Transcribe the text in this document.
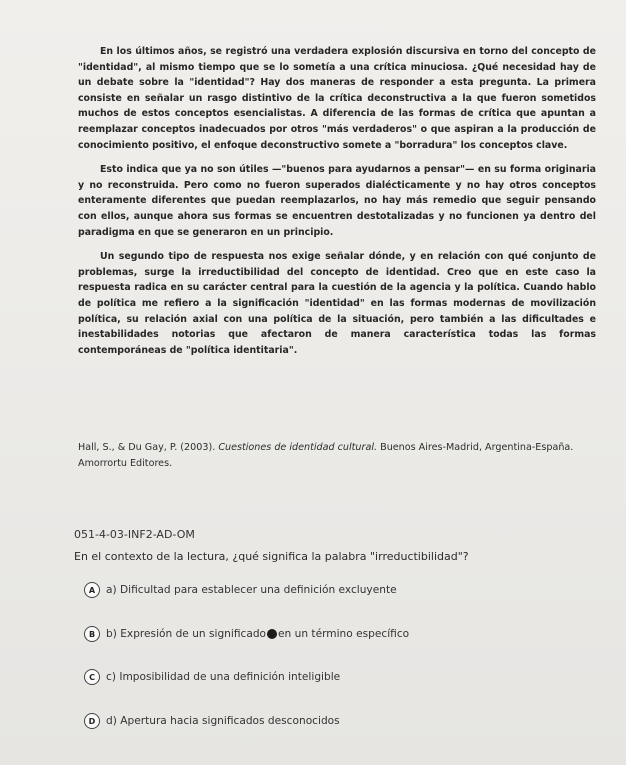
En los últimos años, se registró una verdadera explosión discursiva en torno del concepto de "identidad", al mismo tiempo que se lo sometía a una crítica minuciosa. ¿Qué necesidad hay de un debate sobre la "identidad"? Hay dos maneras de responder a esta pregunta. La primera consiste en señalar un rasgo distintivo de la crítica deconstructiva a la que fueron sometidos muchos de estos conceptos esencialistas. A diferencia de las formas de crítica que apuntan a reemplazar conceptos inadecuados por otros "más verdaderos" o que aspiran a la producción de conocimiento positivo, el enfoque deconstructivo somete a "borradura" los conceptos clave.

Esto indica que ya no son útiles —"buenos para ayudarnos a pensar"— en su forma originaria y no reconstruida. Pero como no fueron superados dialécticamente y no hay otros conceptos enteramente diferentes que puedan reemplazarlos, no hay más remedio que seguir pensando con ellos, aunque ahora sus formas se encuentren destotalizadas y no funcionen ya dentro del paradigma en que se generaron en un principio.

Un segundo tipo de respuesta nos exige señalar dónde, y en relación con qué conjunto de problemas, surge la irreductibilidad del concepto de identidad. Creo que en este caso la respuesta radica en su carácter central para la cuestión de la agencia y la política. Cuando hablo de política me refiero a la significación "identidad" en las formas modernas de movilización política, su relación axial con una política de la situación, pero también a las dificultades e inestabilidades notorias que afectaron de manera característica todas las formas contemporáneas de "política identitaria".

Hall, S., & Du Gay, P. (2003). Cuestiones de identidad cultural. Buenos Aires-Madrid, Argentina-España. Amorrortu Editores.
051-4-03-INF2-AD-OM
En el contexto de la lectura, ¿qué significa la palabra "irreductibilidad"?
A	a) Dificultad para establecer una definición excluyente
B	b) Expresión de un significado en un término específico
C	c) Imposibilidad de una definición inteligible
D	d) Apertura hacia significados desconocidos
